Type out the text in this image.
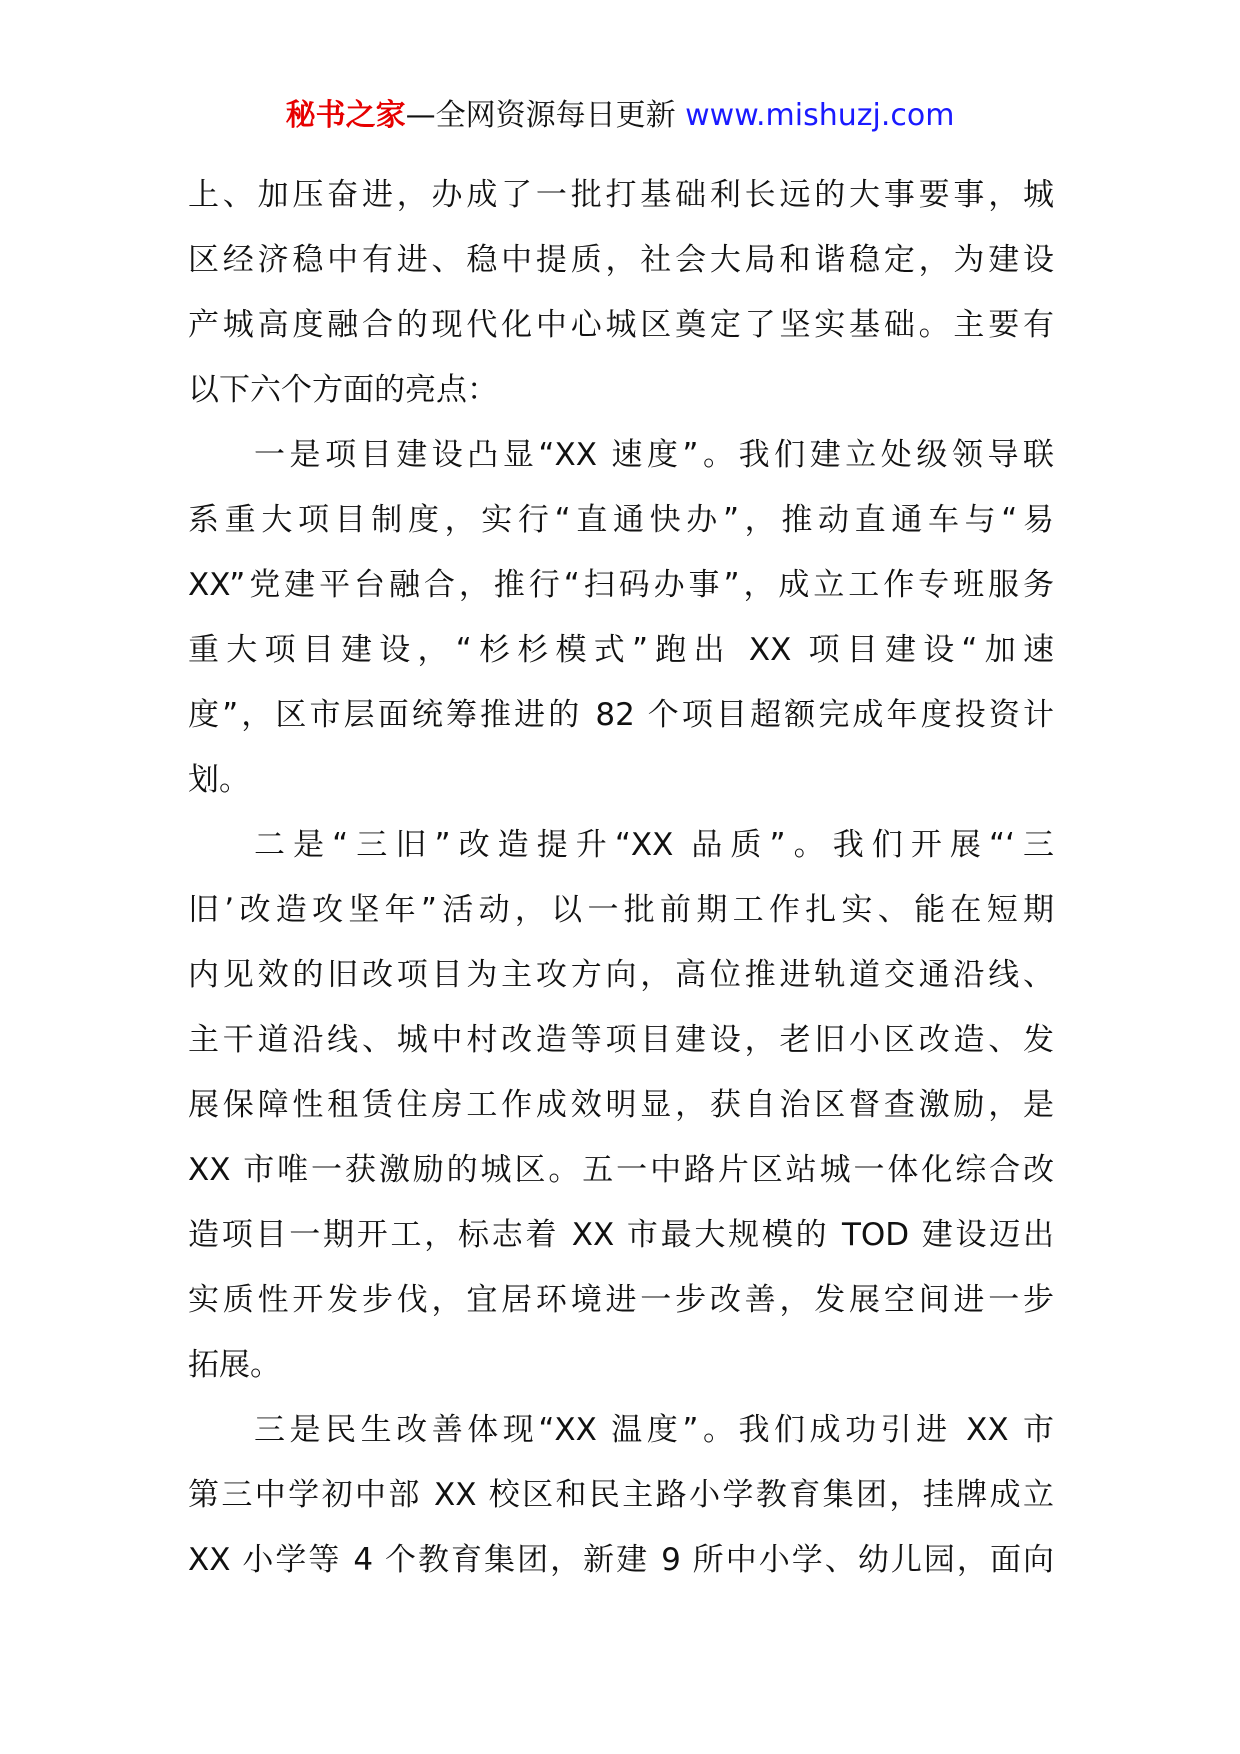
秘书之家—全网资源每日更新 www.mishuzj.com
上、加压奋进，办成了一批打基础利长远的大事要事，城
区经济稳中有进、稳中提质，社会大局和谐稳定，为建设
产城高度融合的现代化中心城区奠定了坚实基础。主要有
以下六个方面的亮点：
一是项目建设凸显“XX 速度”。我们建立处级领导联
系重大项目制度，实行“直通快办”，推动直通车与“易
XX”党建平台融合，推行“扫码办事”，成立工作专班服务
重大项目建设，“杉杉模式”跑出 XX 项目建设“加速
度”，区市层面统筹推进的 82 个项目超额完成年度投资计
划。
二是“三旧”改造提升“XX 品质”。我们开展“‘三
旧’改造攻坚年”活动，以一批前期工作扎实、能在短期
内见效的旧改项目为主攻方向，高位推进轨道交通沿线、
主干道沿线、城中村改造等项目建设，老旧小区改造、发
展保障性租赁住房工作成效明显，获自治区督查激励，是
XX 市唯一获激励的城区。五一中路片区站城一体化综合改
造项目一期开工，标志着 XX 市最大规模的 TOD 建设迈出
实质性开发步伐，宜居环境进一步改善，发展空间进一步
拓展。
三是民生改善体现“XX 温度”。我们成功引进 XX 市
第三中学初中部 XX 校区和民主路小学教育集团，挂牌成立
XX 小学等 4 个教育集团，新建 9 所中小学、幼儿园，面向
